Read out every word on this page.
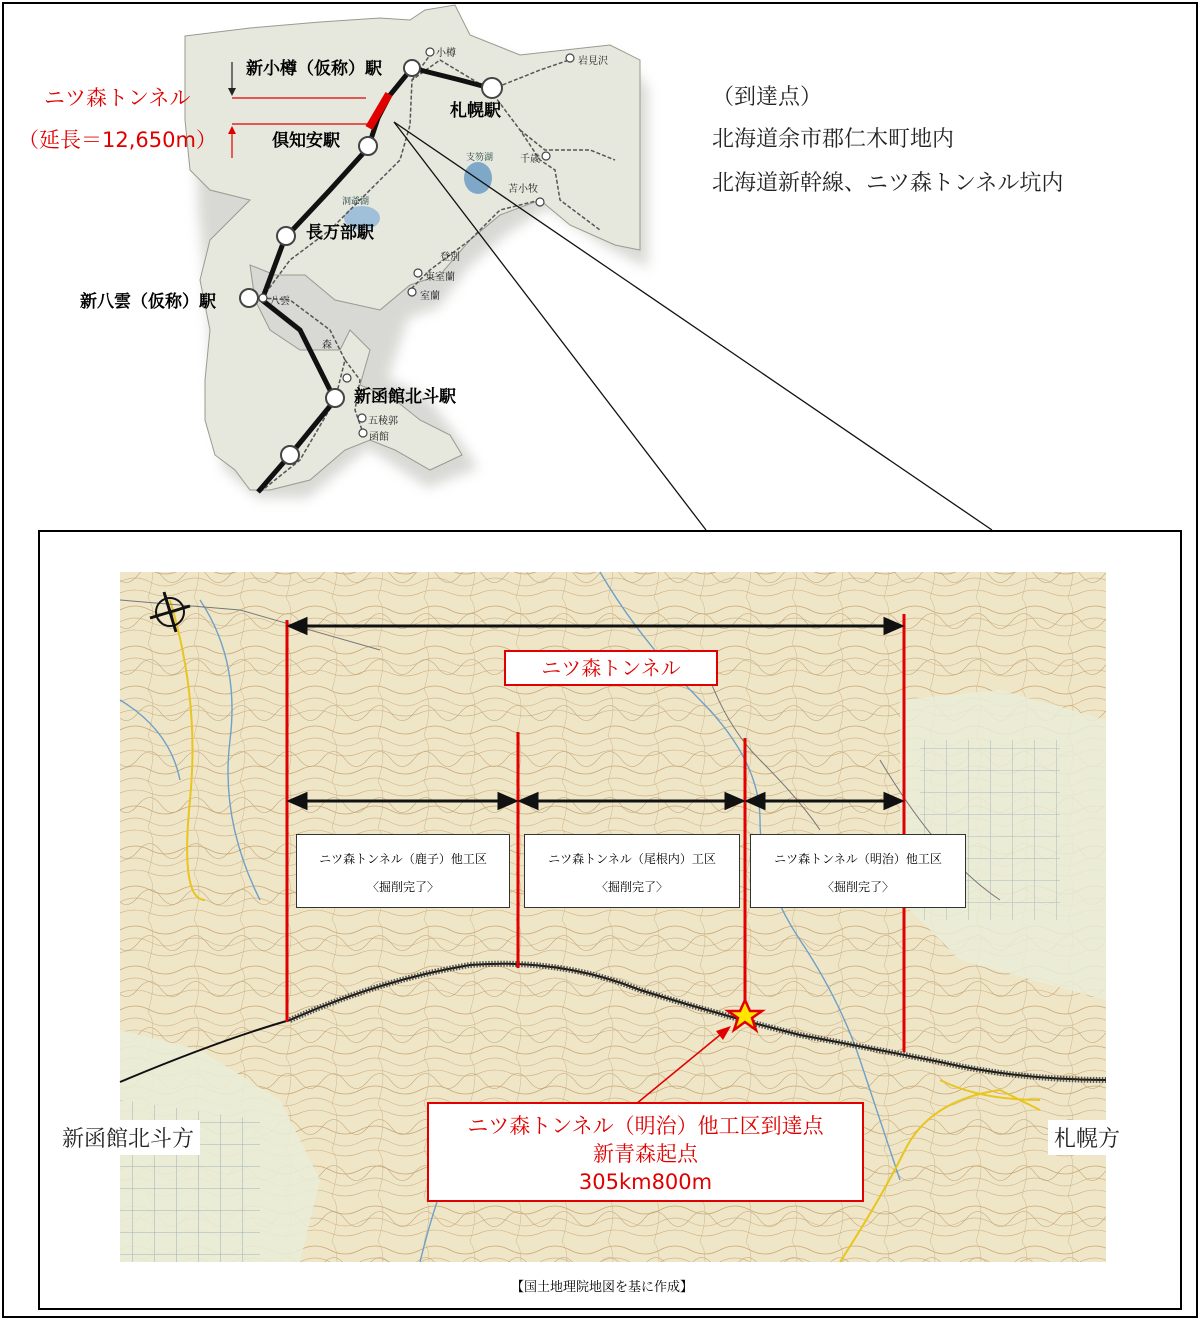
新小樽（仮称）駅
札幌駅
倶知安駅
長万部駅
新八雲（仮称）駅
新函館北斗駅
小樽
岩見沢
支笏湖	千歳
苫小牧
洞爺湖
登別
東室蘭
室蘭
八雲
森
五稜郭
函館
ニツ森トンネル
（延長＝12,650m）
（到達点）
北海道余市郡仁木町地内
北海道新幹線、ニツ森トンネル坑内
ニツ森トンネル
ニツ森トンネル（鹿子）他工区
〈掘削完了〉
ニツ森トンネル（尾根内）工区
〈掘削完了〉
ニツ森トンネル（明治）他工区
〈掘削完了〉
ニツ森トンネル（明治）他工区到達点
新青森起点
305km800m
新函館北斗方	札幌方
【国土地理院地図を基に作成】
